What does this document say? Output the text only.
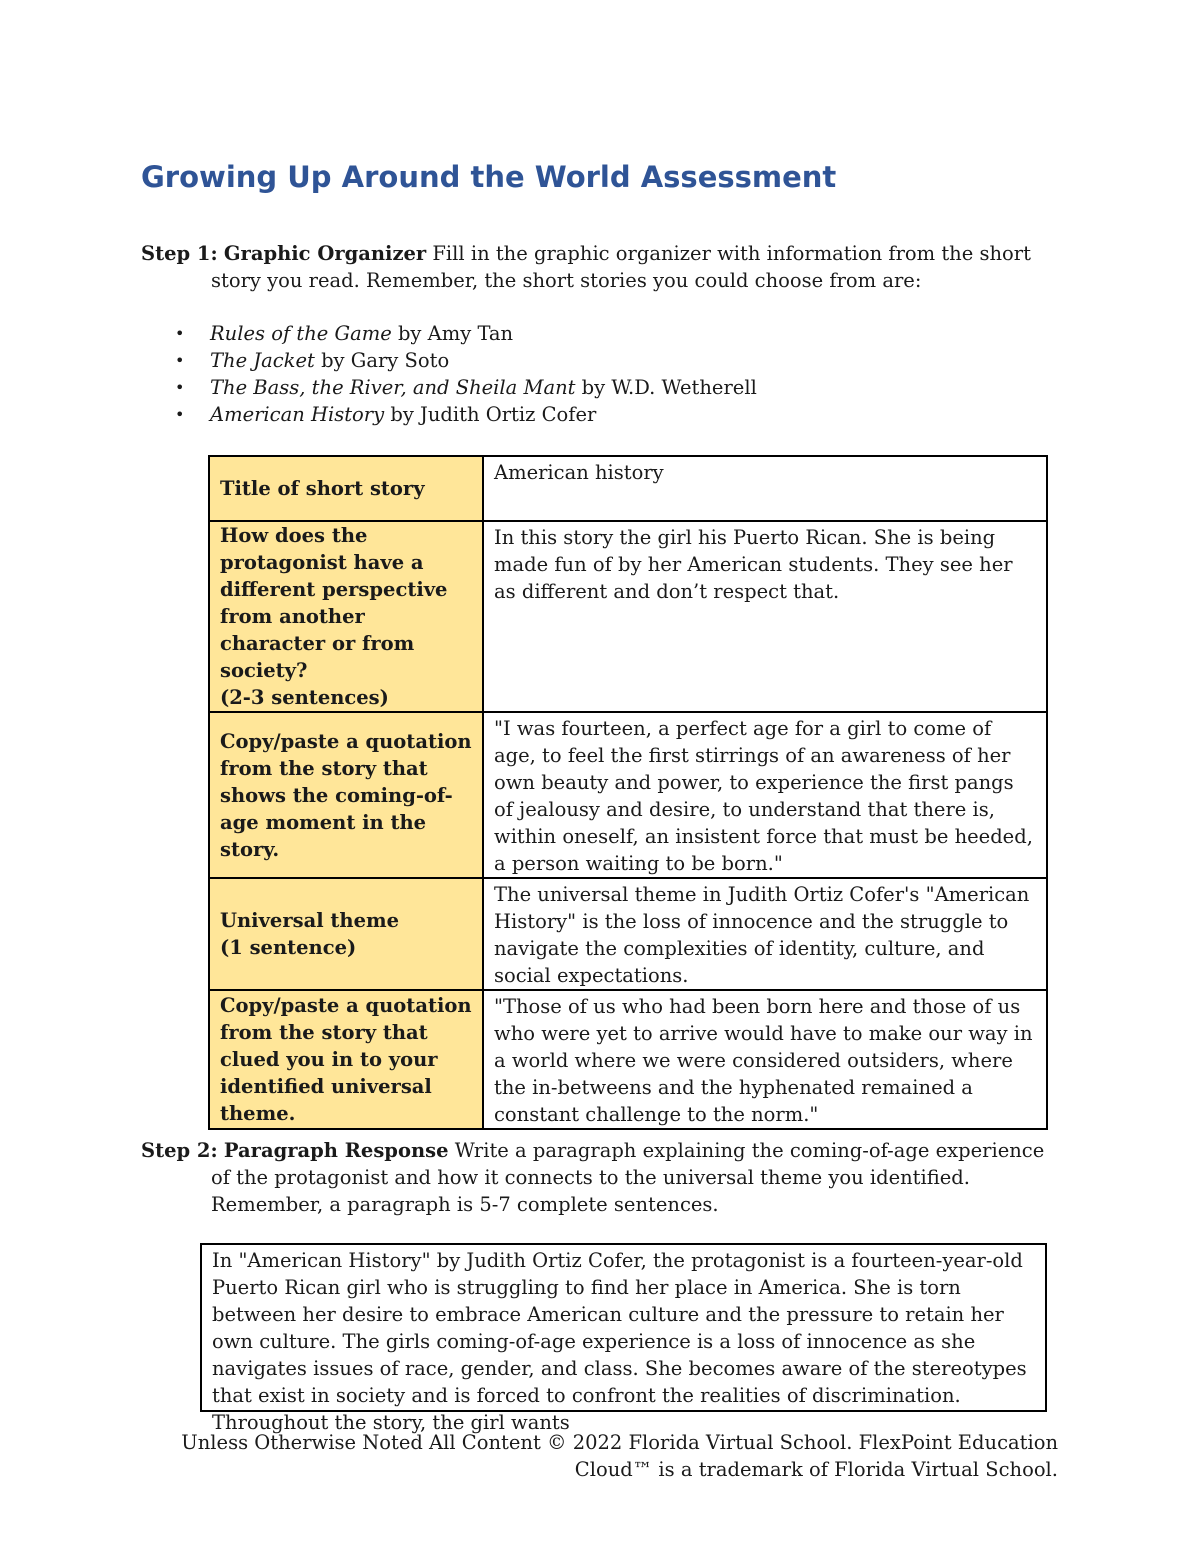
Growing Up Around the World Assessment
Step 1: Graphic Organizer Fill in the graphic organizer with information from the short story you read. Remember, the short stories you could choose from are:
• Rules of the Game by Amy Tan
• The Jacket by Gary Soto
• The Bass, the River, and Sheila Mant by W.D. Wetherell
• American History by Judith Ortiz Cofer
Title of short story	American history
How does the protagonist have a different perspective from another character or from society?
(2-3 sentences)	In this story the girl his Puerto Rican. She is being made fun of by her American students. They see her as different and don’t respect that.
Copy/paste a quotation from the story that shows the coming-of-age moment in the story.	"I was fourteen, a perfect age for a girl to come of age, to feel the first stirrings of an awareness of her own beauty and power, to experience the first pangs of jealousy and desire, to understand that there is, within oneself, an insistent force that must be heeded, a person waiting to be born."
Universal theme
(1 sentence)	The universal theme in Judith Ortiz Cofer's "American History" is the loss of innocence and the struggle to navigate the complexities of identity, culture, and social expectations.
Copy/paste a quotation from the story that clued you in to your identified universal theme.	"Those of us who had been born here and those of us who were yet to arrive would have to make our way in a world where we were considered outsiders, where the in-betweens and the hyphenated remained a constant challenge to the norm."
Step 2: Paragraph Response Write a paragraph explaining the coming-of-age experience of the protagonist and how it connects to the universal theme you identified. Remember, a paragraph is 5-7 complete sentences.
In "American History" by Judith Ortiz Cofer, the protagonist is a fourteen-year-old Puerto Rican girl who is struggling to find her place in America. She is torn between her desire to embrace American culture and the pressure to retain her own culture. The girls coming-of-age experience is a loss of innocence as she navigates issues of race, gender, and class. She becomes aware of the stereotypes that exist in society and is forced to confront the realities of discrimination. Throughout the story, the girl wants
Unless Otherwise Noted All Content © 2022 Florida Virtual School. FlexPoint Education
Cloud™ is a trademark of Florida Virtual School.
